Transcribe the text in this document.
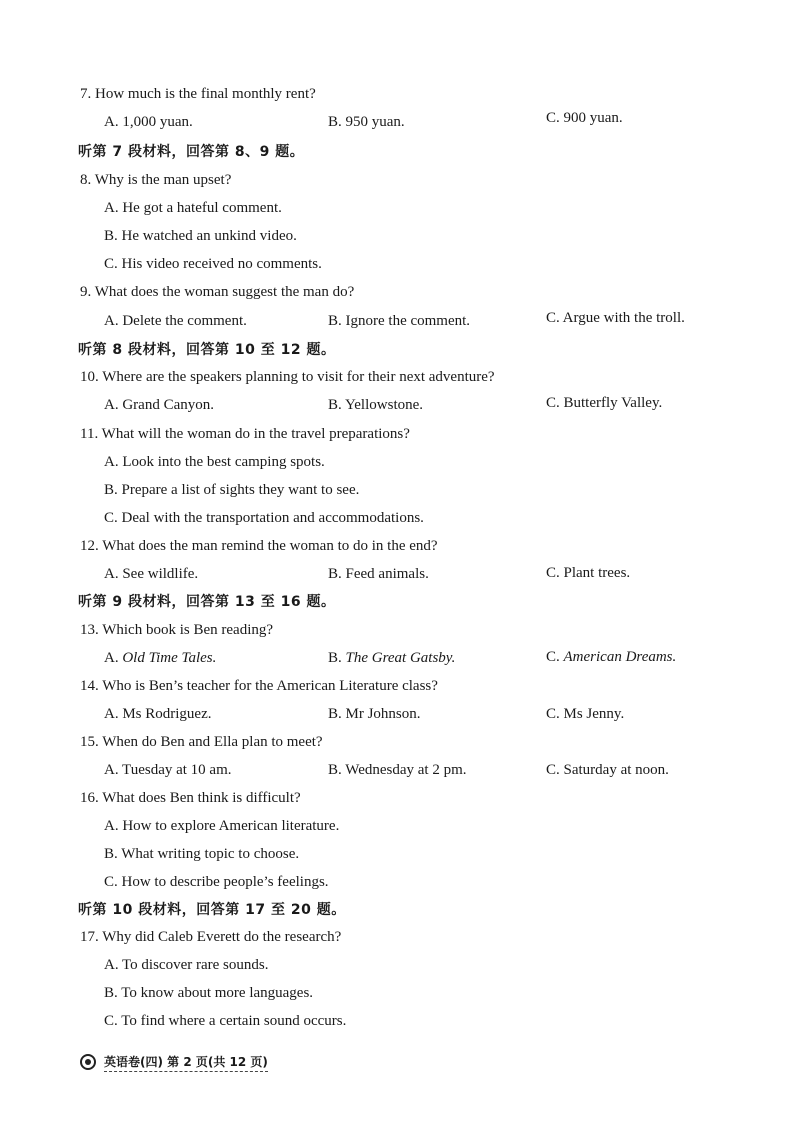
7. How much is the final monthly rent?
A. 1,000 yuan.	B. 950 yuan.	C. 900 yuan.
听第 7 段材料，回答第 8、9 题。
8. Why is the man upset?
A. He got a hateful comment.
B. He watched an unkind video.
C. His video received no comments.
9. What does the woman suggest the man do?
A. Delete the comment.	B. Ignore the comment.	C. Argue with the troll.
听第 8 段材料，回答第 10 至 12 题。
10. Where are the speakers planning to visit for their next adventure?
A. Grand Canyon.	B. Yellowstone.	C. Butterfly Valley.
11. What will the woman do in the travel preparations?
A. Look into the best camping spots.
B. Prepare a list of sights they want to see.
C. Deal with the transportation and accommodations.
12. What does the man remind the woman to do in the end?
A. See wildlife.	B. Feed animals.	C. Plant trees.
听第 9 段材料，回答第 13 至 16 题。
13. Which book is Ben reading?
A. Old Time Tales.	B. The Great Gatsby.	C. American Dreams.
14. Who is Ben’s teacher for the American Literature class?
A. Ms Rodriguez.	B. Mr Johnson.	C. Ms Jenny.
15. When do Ben and Ella plan to meet?
A. Tuesday at 10 am.	B. Wednesday at 2 pm.	C. Saturday at noon.
16. What does Ben think is difficult?
A. How to explore American literature.
B. What writing topic to choose.
C. How to describe people’s feelings.
听第 10 段材料，回答第 17 至 20 题。
17. Why did Caleb Everett do the research?
A. To discover rare sounds.
B. To know about more languages.
C. To find where a certain sound occurs.
英语卷(四) 第 2 页(共 12 页)
